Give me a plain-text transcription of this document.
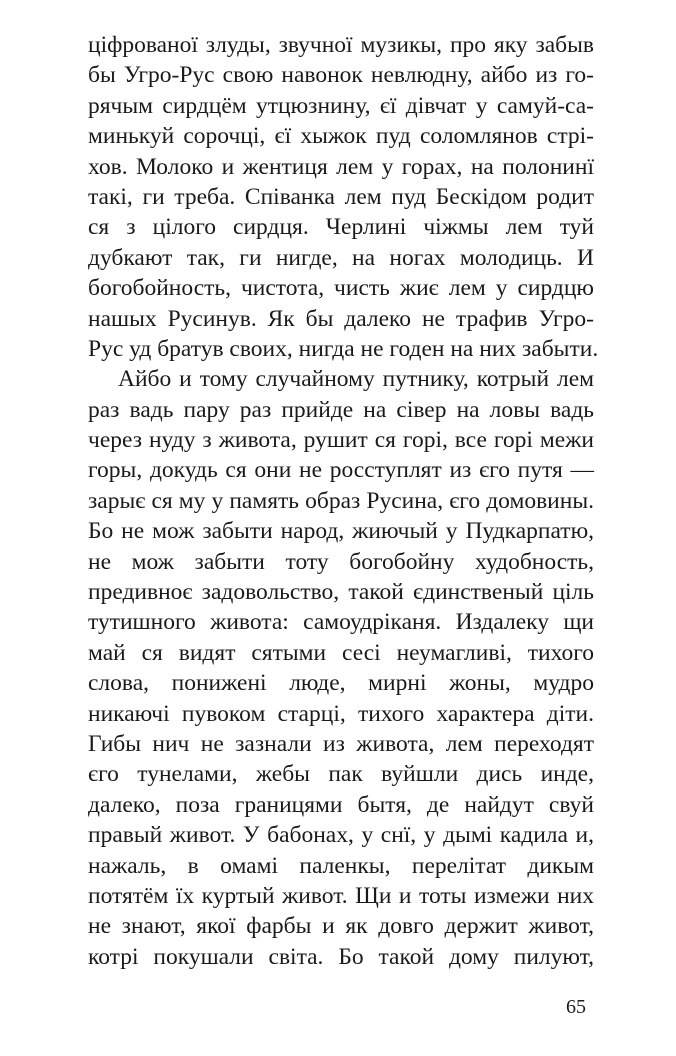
цiфрованої злуды, звучної музикы, про яку забыв
бы Угро-Рус свою навонок невлюдну, айбо из го-
рячым сирдцём утцюзнину, єї дiвчат у самуй-са-
минькуй сорочцi, єї хыжок пуд соломлянов стрi-
хов. Молоко и жентиця лем у горах, на полонинї
такi, ги треба. Спiванка лем пуд Бескiдом родит
ся з цiлого сирдця. Черлинi чiжмы лем туй
дубкают так, ги нигде, на ногах молодиць. И
богобойность, чистота, чисть жиє лем у сирдцю
нашых Русинув. Як бы далеко не трафив Угро-
Рус уд братув своих, нигда не годен на них забыти.
Айбо и тому случайному путнику, котрый лем
раз вадь пару раз прийде на сiвер на ловы вадь
через нуду з живота, рушит ся горi, все горi межи
горы, докудь ся они не росступлят из єго путя —
зарыє ся му у память образ Русина, єго домовины.
Бо не мож забыти народ, жиючый у Пудкарпатю,
не мож забыти тоту богобойну худобность,
предивноє задовольство, такой єдинственый цiль
тутишного живота: самоудрiканя. Издалеку щи
май ся видят сятыми сесi неумагливi, тихого
слова, понижені люде, мирнi жоны, мудро
никаючi пувоком старцi, тихого характера дiти.
Гибы нич не зазнали из живота, лем переходят
єго тунелами, жебы пак вуйшли дись инде,
далеко, поза границями бытя, де найдут свуй
правый живот. У бабонах, у снї, у дымi кадила и,
нажаль, в омамi паленкы, перелiтат дикым
потятём їх куртый живот. Щи и тоты измежи них
не знают, якої фарбы и як довго держит живот,
котрi покушали свiта. Бо такой дому пилуют,
65
